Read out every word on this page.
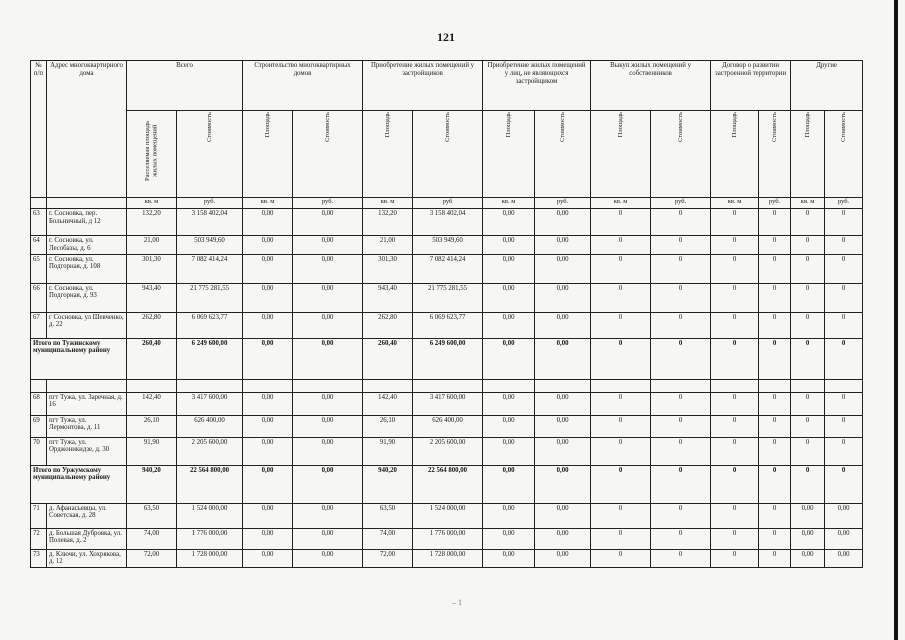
121
№ п/п	Адрес многоквартирного дома	Всего		Строительство многоквартирных домов		Приобретение жилых помещений у застройщиков		Приобретение жилых помещений у лиц, не являющихся застройщиком		Выкуп жилых помещений у собственников		Договор о развитии застроенной территории		Другие	

		Расселяемая площадь жилых помещений	Стоимость	Площадь	Стоимость	Площадь	Стоимость	Площадь	Стоимость	Площадь	Стоимость	Площадь	Стоимость	Площадь	Стоимость

		кв. м	руб.	кв. м	руб.	кв. м	руб	кв. м	руб.	кв. м	руб.	кв. м	руб.	кв. м	руб.
63	г. Сосновка, пер. Больничный, д 12	132,20	3 158 402,04	0,00	0,00	132,20	3 158 402,04	0,00	0,00	0	0	0	0	0	0
64	г. Сосновка, ул. Лесобазы, д. 6	21,00	503 949,60	0,00	0,00	21,00	503 949,60	0,00	0,00	0	0	0	0	0	0
65	г. Сосновка, ул. Подгорная, д. 108	301,30	7 082 414,24	0,00	0,00	301,30	7 082 414,24	0,00	0,00	0	0	0	0	0	0
66	г. Сосновка, ул. Подгорная, д. 93	943,40	21 775 281,55	0,00	0,00	943,40	21 775 281,55	0,00	0,00	0	0	0	0	0	0
67	г Сосновка, ул Шевченко, д. 22	262,80	6 069 623,77	0,00	0,00	262,80	6 069 623,77	0,00	0,00	0	0	0	0	0	0
Итого по Тужинскому муниципальному району		260,40	6 249 600,00	0,00	0,00	260,40	6 249 600,00	0,00	0,00	0	0	0	0	0	0

68	пгт Тужа, ул. Заречная, д. 16	142,40	3 417 600,00	0,00	0,00	142,40	3 417 600,00	0,00	0,00	0	0	0	0	0	0
69	пгт Тужа, ул. Лермонтова, д. 11	26,10	626 400,00	0,00	0,00	26,10	626 400,00	0,00	0,00	0	0	0	0	0	0
70	пгт Тужа, ул. Орджоникидзе, д. 30	91,90	2 205 600,00	0,00	0,00	91,90	2 205 600,00	0,00	0,00	0	0	0	0	0	0
Итого по Уржумскому муниципальному району		940,20	22 564 800,00	0,00	0,00	940,20	22 564 800,00	0,00	0,00	0	0	0	0	0	0
71	д. Афанасьевцы, ул. Советская, д. 28	63,50	1 524 000,00	0,00	0,00	63,50	1 524 000,00	0,00	0,00	0	0	0	0	0,00	0,00
72	д. Большая Дубровка, ул. Полевая, д. 2	74,00	1 776 000,00	0,00	0,00	74,00	1 776 000,00	0,00	0,00	0	0	0	0	0,00	0,00
73	д. Ключи, ул. Хохрякова, д. 12	72,00	1 728 000,00	0,00	0,00	72,00	1 728 000,00	0,00	0,00	0	0	0	0	0,00	0,00
– 1
